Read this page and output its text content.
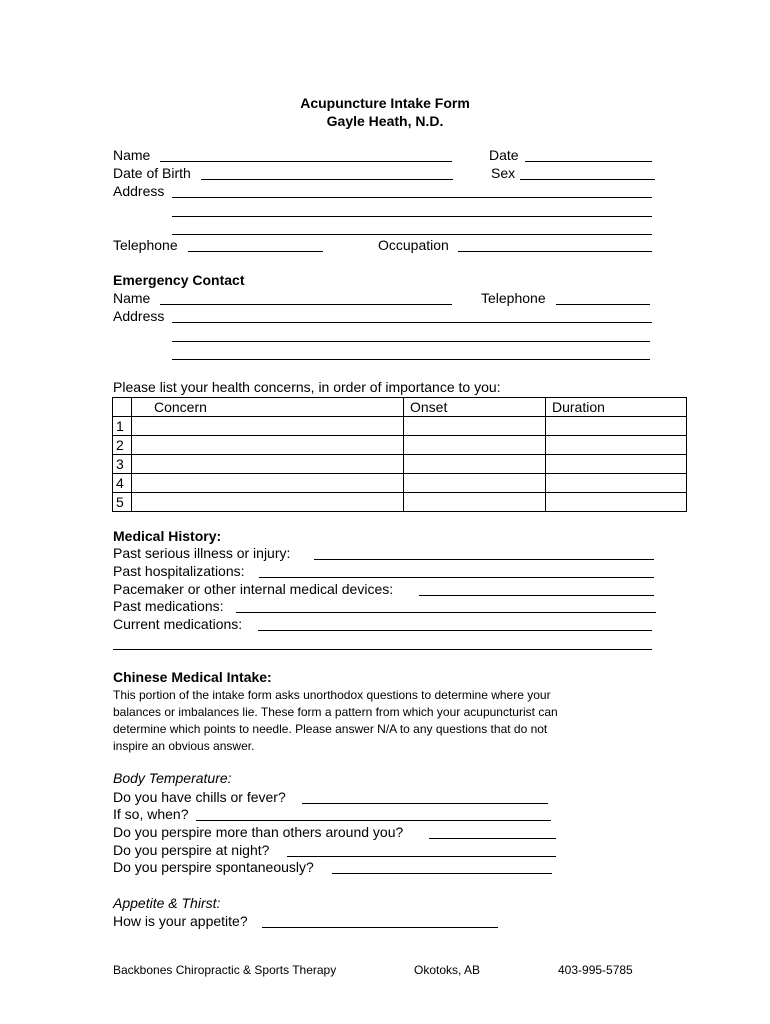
Acupuncture Intake Form
Gayle Heath, N.D.
Name	Date
Date of Birth	Sex
Address
Telephone	Occupation
Emergency Contact
Name	Telephone
Address
Please list your health concerns, in order of importance to you:
	Concern	Onset	Duration
1			
2			
3			
4			
5			
Medical History:
Past serious illness or injury:
Past hospitalizations:
Pacemaker or other internal medical devices:
Past medications:
Current medications:
Chinese Medical Intake:
This portion of the intake form asks unorthodox questions to determine where your
balances or imbalances lie. These form a pattern from which your acupuncturist can
determine which points to needle. Please answer N/A to any questions that do not
inspire an obvious answer.
Body Temperature:
Do you have chills or fever?
If so, when?
Do you perspire more than others around you?
Do you perspire at night?
Do you perspire spontaneously?
Appetite & Thirst:
How is your appetite?
Backbones Chiropractic & Sports Therapy	Okotoks, AB	403-995-5785
